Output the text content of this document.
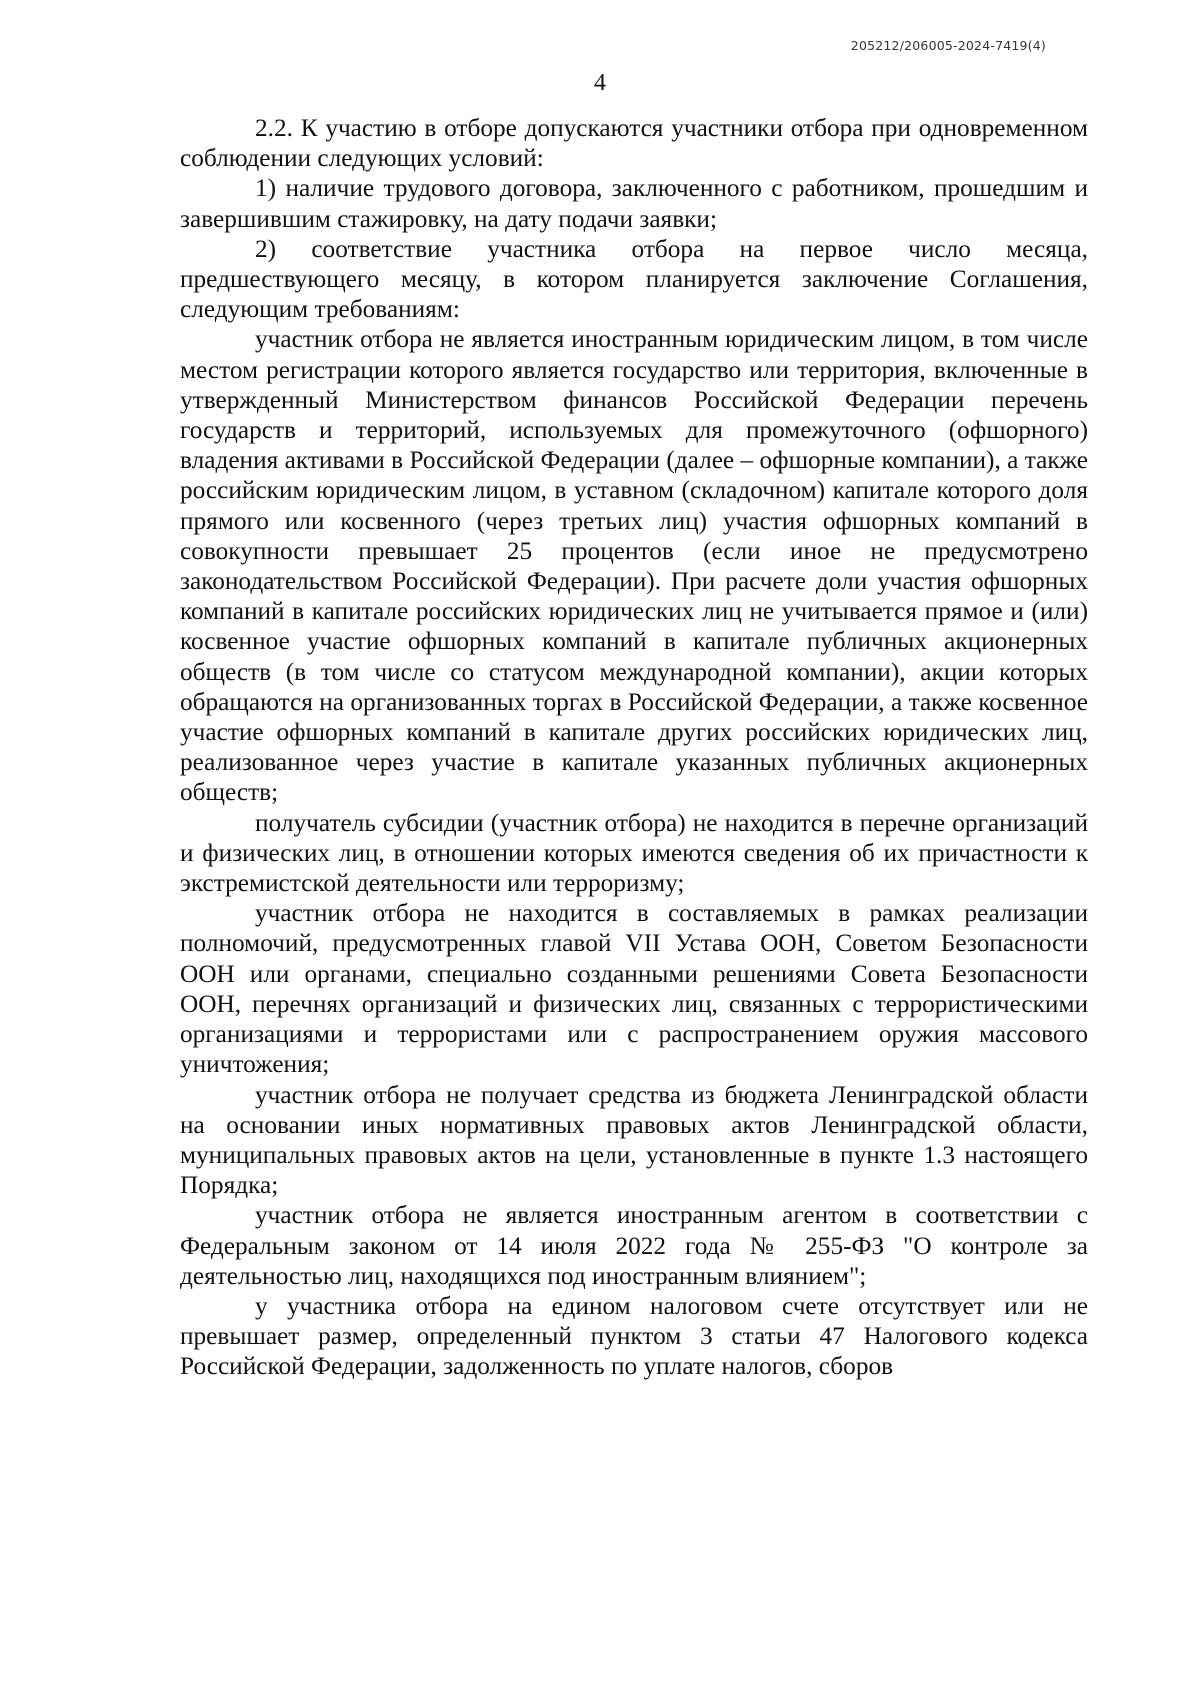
205212/206005-2024-7419(4)
4

2.2. К участию в отборе допускаются участники отбора при одновременном соблюдении следующих условий:

1) наличие трудового договора, заключенного с работником, прошедшим и завершившим стажировку, на дату подачи заявки;

2) соответствие участника отбора на первое число месяца, предшествующего месяцу, в котором планируется заключение Соглашения, следующим требованиям:

участник отбора не является иностранным юридическим лицом, в том числе местом регистрации которого является государство или территория, включенные в утвержденный Министерством финансов Российской Федерации перечень государств и территорий, используемых для промежуточного (офшорного) владения активами в Российской Федерации (далее – офшорные компании), а также российским юридическим лицом, в уставном (складочном) капитале которого доля прямого или косвенного (через третьих лиц) участия офшорных компаний в совокупности превышает 25 процентов (если иное не предусмотрено законодательством Российской Федерации). При расчете доли участия офшорных компаний в капитале российских юридических лиц не учитывается прямое и (или) косвенное участие офшорных компаний в капитале публичных акционерных обществ (в том числе со статусом международной компании), акции которых обращаются на организованных торгах в Российской Федерации, а также косвенное участие офшорных компаний в капитале других российских юридических лиц, реализованное через участие в капитале указанных публичных акционерных обществ;

получатель субсидии (участник отбора) не находится в перечне организаций и физических лиц, в отношении которых имеются сведения об их причастности к экстремистской деятельности или терроризму;

участник отбора не находится в составляемых в рамках реализации полномочий, предусмотренных главой VII Устава ООН, Советом Безопасности ООН или органами, специально созданными решениями Совета Безопасности ООН, перечнях организаций и физических лиц, связанных с террористическими организациями и террористами или с распространением оружия массового уничтожения;

участник отбора не получает средства из бюджета Ленинградской области на основании иных нормативных правовых актов Ленинградской области, муниципальных правовых актов на цели, установленные в пункте 1.3 настоящего Порядка;

участник отбора не является иностранным агентом в соответствии с Федеральным законом от 14 июля 2022 года № 255-ФЗ "О контроле за деятельностью лиц, находящихся под иностранным влиянием";

у участника отбора на едином налоговом счете отсутствует или не превышает размер, определенный пунктом 3 статьи 47 Налогового кодекса Российской Федерации, задолженность по уплате налогов, сборов
